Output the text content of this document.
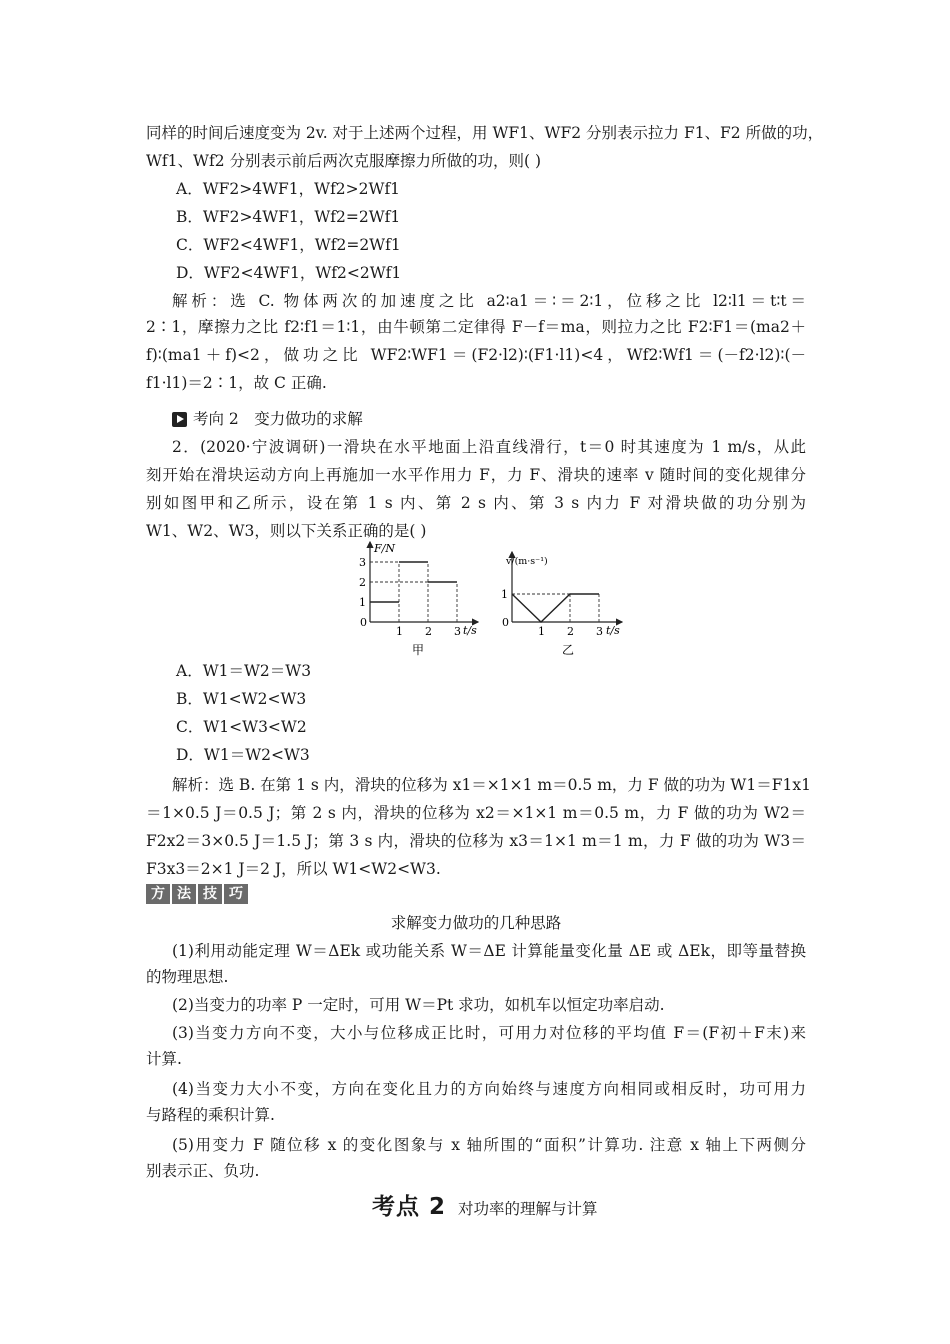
同样的时间后速度变为 2v. 对于上述两个过程，用 WF1、WF2 分别表示拉力 F1、F2 所做的功，
Wf1、Wf2 分别表示前后两次克服摩擦力所做的功，则( )
A．WF2>4WF1，Wf2>2Wf1
B．WF2>4WF1，Wf2=2Wf1
C．WF2<4WF1，Wf2=2Wf1
D．WF2<4WF1，Wf2<2Wf1
解析：选 C. 物体两次的加速度之比 a2∶a1＝∶＝2∶1，位移之比 l2∶l1＝t∶t＝
2∶1，摩擦力之比 f2∶f1＝1∶1，由牛顿第二定律得 F－f＝ma，则拉力之比 F2∶F1＝(ma2＋
f)∶(ma1＋f)<2，做功之比 WF2∶WF1＝(F2·l2)∶(F1·l1)<4，Wf2∶Wf1＝(－f2·l2)∶(－
f1·l1)＝2∶1，故 C 正确.
考向 2　变力做功的求解
2．(2020·宁波调研)一滑块在水平地面上沿直线滑行，t＝0 时其速度为 1 m/s，从此
刻开始在滑块运动方向上再施加一水平作用力 F，力 F、滑块的速率 v 随时间的变化规律分
别如图甲和乙所示，设在第 1 s 内、第 2 s 内、第 3 s 内力 F 对滑块做的功分别为
W1、W2、W3，则以下关系正确的是( )
1 2 3
1
2
3
F/N
t/s
0
甲
1 2 3
1
v/(m·s⁻¹)
t/s
0
乙
A．W1＝W2＝W3
B．W1<W2<W3
C．W1<W3<W2
D．W1＝W2<W3
解析：选 B. 在第 1 s 内，滑块的位移为 x1＝×1×1 m＝0.5 m，力 F 做的功为 W1＝F1x1
＝1×0.5 J＝0.5 J；第 2 s 内，滑块的位移为 x2＝×1×1 m＝0.5 m，力 F 做的功为 W2＝
F2x2＝3×0.5 J＝1.5 J；第 3 s 内，滑块的位移为 x3＝1×1 m＝1 m，力 F 做的功为 W3＝
F3x3＝2×1 J＝2 J，所以 W1<W2<W3.
方 法 技 巧
求解变力做功的几种思路
(1)利用动能定理 W＝ΔEk 或功能关系 W＝ΔE 计算能量变化量 ΔE 或 ΔEk，即等量替换
的物理思想.
(2)当变力的功率 P 一定时，可用 W＝Pt 求功，如机车以恒定功率启动.
(3)当变力方向不变，大小与位移成正比时，可用力对位移的平均值 F＝(F初＋F末)来
计算.
(4)当变力大小不变，方向在变化且力的方向始终与速度方向相同或相反时，功可用力
与路程的乘积计算.
(5)用变力 F 随位移 x 的变化图象与 x 轴所围的“面积”计算功. 注意 x 轴上下两侧分
别表示正、负功.
考点 2 对功率的理解与计算
